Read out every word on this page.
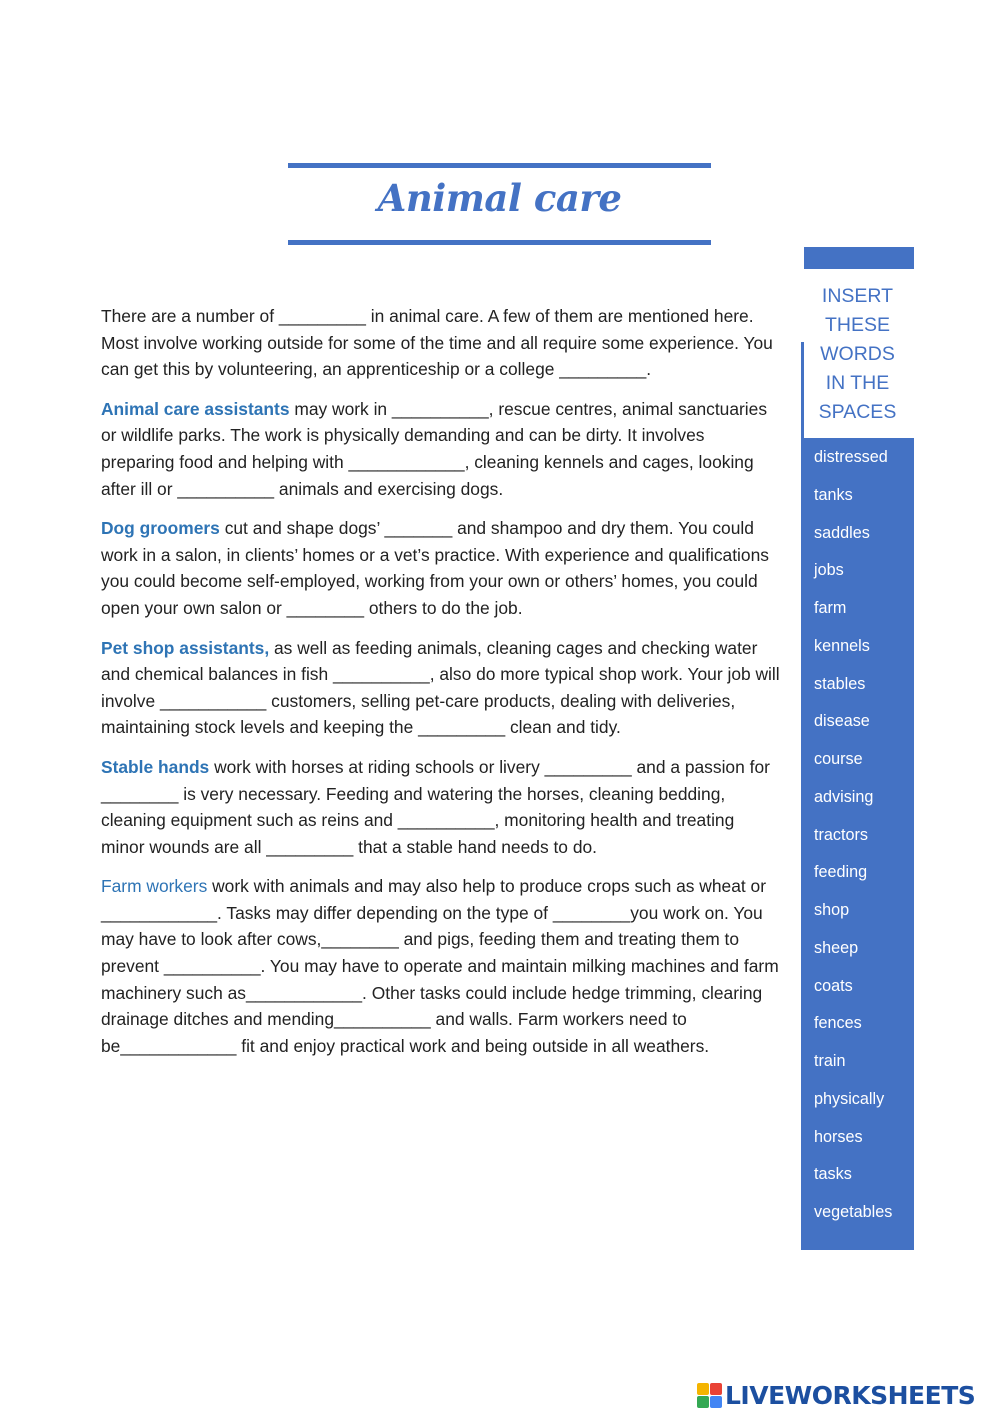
Animal care

There are a number of _________ in animal care. A few of them are mentioned here. Most involve working outside for some of the time and all require some experience. You can get this by volunteering, an apprenticeship or a college _________.

Animal care assistants may work in __________, rescue centres, animal sanctuaries or wildlife parks. The work is physically demanding and can be dirty. It involves preparing food and helping with ____________, cleaning kennels and cages, looking after ill or __________ animals and exercising dogs.

Dog groomers cut and shape dogs’ _______ and shampoo and dry them. You could work in a salon, in clients’ homes or a vet’s practice. With experience and qualifications you could become self-employed, working from your own or others’ homes, you could open your own salon or ________ others to do the job.

Pet shop assistants, as well as feeding animals, cleaning cages and checking water and chemical balances in fish __________, also do more typical shop work. Your job will involve ___________ customers, selling pet-care products, dealing with deliveries, maintaining stock levels and keeping the _________ clean and tidy.

Stable hands work with horses at riding schools or livery _________ and a passion for ________ is very necessary. Feeding and watering the horses, cleaning bedding, cleaning equipment such as reins and __________, monitoring health and treating minor wounds are all _________ that a stable hand needs to do.

Farm workers work with animals and may also help to produce crops such as wheat or ____________. Tasks may differ depending on the type of ________you work on. You may have to look after cows,________ and pigs, feeding them and treating them to prevent __________. You may have to operate and maintain milking machines and farm machinery such as____________. Other tasks could include hedge trimming, clearing drainage ditches and mending__________ and walls. Farm workers need to be____________ fit and enjoy practical work and being outside in all weathers.

INSERT
THESE
WORDS
IN THE
SPACES
distressed
tanks
saddles
jobs
farm
kennels
stables
disease
course
advising
tractors
feeding
shop
sheep
coats
fences
train
physically
horses
tasks
vegetables
LIVEWORKSHEETS
